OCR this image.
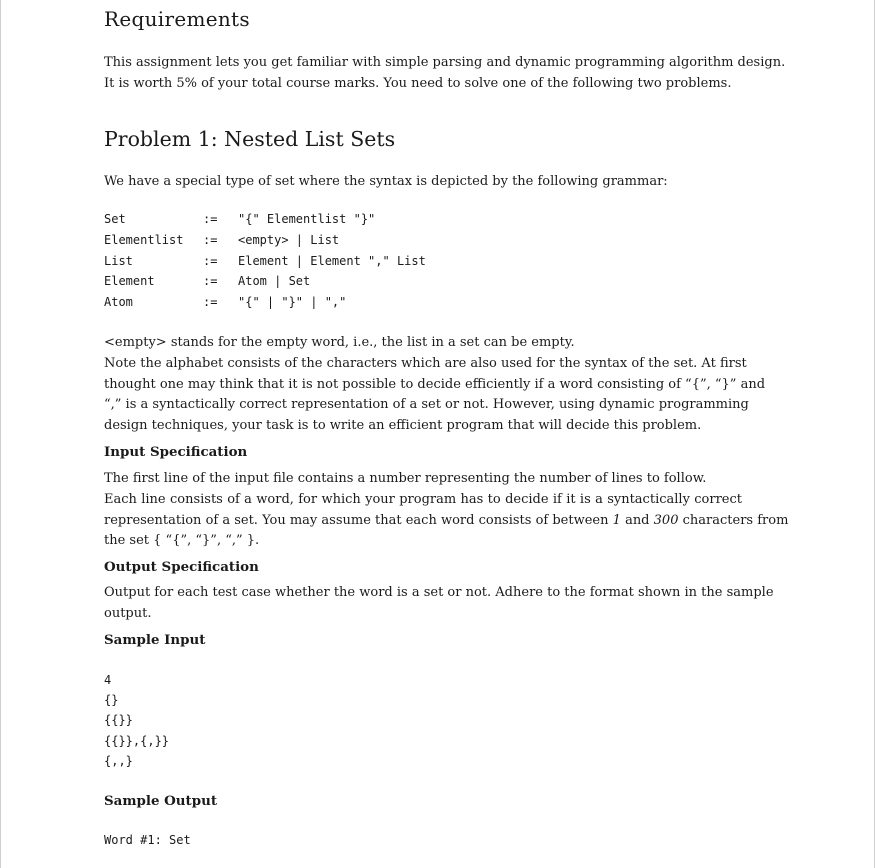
Requirements
This assignment lets you get familiar with simple parsing and dynamic programming algorithm design.
It is worth 5% of your total course marks. You need to solve one of the following two problems.
Problem 1: Nested List Sets
We have a special type of set where the syntax is depicted by the following grammar:
Set	:= "{" Elementlist "}"
Elementlist := <empty> | List
List	:= Element | Element "," List
Element	:= Atom | Set
Atom	:= "{" | "}" | ","
<empty> stands for the empty word, i.e., the list in a set can be empty.
Note the alphabet consists of the characters which are also used for the syntax of the set. At first
thought one may think that it is not possible to decide efficiently if a word consisting of “{”, “}” and
“,” is a syntactically correct representation of a set or not. However, using dynamic programming
design techniques, your task is to write an efficient program that will decide this problem.
Input Specification
The first line of the input file contains a number representing the number of lines to follow.
Each line consists of a word, for which your program has to decide if it is a syntactically correct
representation of a set. You may assume that each word consists of between 1 and 300 characters from
the set { “{”, “}”, “,” }.
Output Specification
Output for each test case whether the word is a set or not. Adhere to the format shown in the sample
output.
Sample Input
4
{}
{{}}
{{}},{,}}
{,,}
Sample Output
Word #1: Set
